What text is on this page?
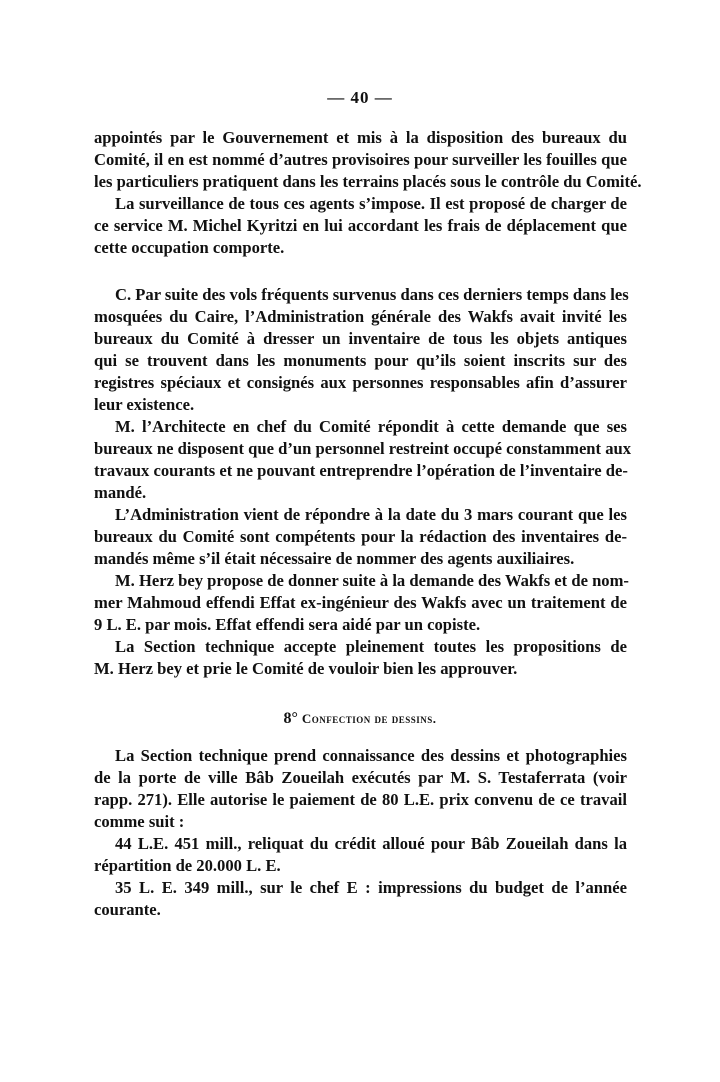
— 40 —
appointés par le Gouvernement et mis à la disposition des bureaux du
Comité, il en est nommé d’autres provisoires pour surveiller les fouilles que
les particuliers pratiquent dans les terrains placés sous le contrôle du Comité.
La surveillance de tous ces agents s’impose. Il est proposé de charger de
ce service M. Michel Kyritzi en lui accordant les frais de déplacement que
cette occupation comporte.
C. Par suite des vols fréquents survenus dans ces derniers temps dans les
mosquées du Caire, l’Administration générale des Wakfs avait invité les
bureaux du Comité à dresser un inventaire de tous les objets antiques
qui se trouvent dans les monuments pour qu’ils soient inscrits sur des
registres spéciaux et consignés aux personnes responsables afin d’assurer
leur existence.
M. l’Architecte en chef du Comité répondit à cette demande que ses
bureaux ne disposent que d’un personnel restreint occupé constamment aux
travaux courants et ne pouvant entreprendre l’opération de l’inventaire de-
mandé.
L’Administration vient de répondre à la date du 3 mars courant que les
bureaux du Comité sont compétents pour la rédaction des inventaires de-
mandés même s’il était nécessaire de nommer des agents auxiliaires.
M. Herz bey propose de donner suite à la demande des Wakfs et de nom-
mer Mahmoud effendi Effat ex-ingénieur des Wakfs avec un traitement de
9 L. E. par mois. Effat effendi sera aidé par un copiste.
La Section technique accepte pleinement toutes les propositions de
M. Herz bey et prie le Comité de vouloir bien les approuver.
8° Confection de dessins.
La Section technique prend connaissance des dessins et photographies
de la porte de ville Bâb Zoueilah exécutés par M. S. Testaferrata (voir
rapp. 271). Elle autorise le paiement de 80 L.E. prix convenu de ce travail
comme suit :
44 L.E. 451 mill., reliquat du crédit alloué pour Bâb Zoueilah dans la
répartition de 20.000 L. E.
35 L. E. 349 mill., sur le chef E : impressions du budget de l’année
courante.
